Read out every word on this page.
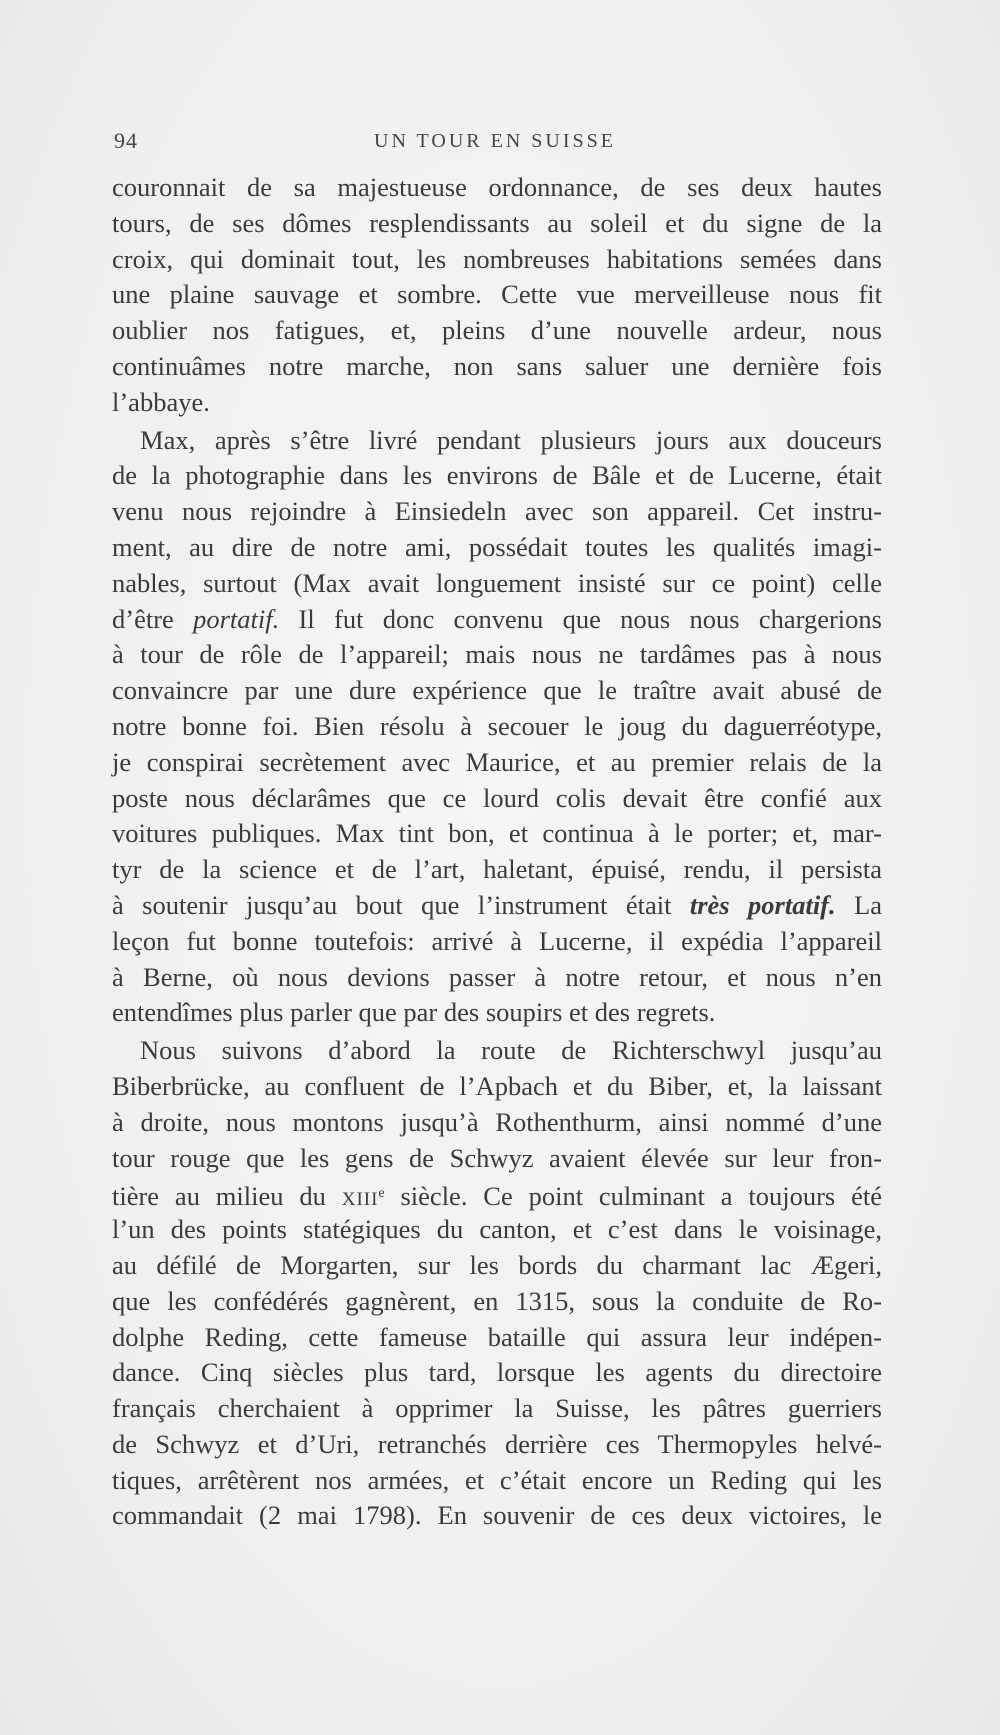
94	UN TOUR EN SUISSE
couronnait de sa majestueuse ordonnance, de ses deux hautes
tours, de ses dômes resplendissants au soleil et du signe de la
croix, qui dominait tout, les nombreuses habitations semées dans
une plaine sauvage et sombre. Cette vue merveilleuse nous fit
oublier nos fatigues, et, pleins d’une nouvelle ardeur, nous
continuâmes notre marche, non sans saluer une dernière fois
l’abbaye.
Max, après s’être livré pendant plusieurs jours aux douceurs
de la photographie dans les environs de Bâle et de Lucerne, était
venu nous rejoindre à Einsiedeln avec son appareil. Cet instru-
ment, au dire de notre ami, possédait toutes les qualités imagi-
nables, surtout (Max avait longuement insisté sur ce point) celle
d’être portatif. Il fut donc convenu que nous nous chargerions
à tour de rôle de l’appareil; mais nous ne tardâmes pas à nous
convaincre par une dure expérience que le traître avait abusé de
notre bonne foi. Bien résolu à secouer le joug du daguerréotype,
je conspirai secrètement avec Maurice, et au premier relais de la
poste nous déclarâmes que ce lourd colis devait être confié aux
voitures publiques. Max tint bon, et continua à le porter; et, mar-
tyr de la science et de l’art, haletant, épuisé, rendu, il persista
à soutenir jusqu’au bout que l’instrument était très portatif. La
leçon fut bonne toutefois: arrivé à Lucerne, il expédia l’appareil
à Berne, où nous devions passer à notre retour, et nous n’en
entendîmes plus parler que par des soupirs et des regrets.
Nous suivons d’abord la route de Richterschwyl jusqu’au
Biberbrücke, au confluent de l’Apbach et du Biber, et, la laissant
à droite, nous montons jusqu’à Rothenthurm, ainsi nommé d’une
tour rouge que les gens de Schwyz avaient élevée sur leur fron-
tière au milieu du XIIIe siècle. Ce point culminant a toujours été
l’un des points statégiques du canton, et c’est dans le voisinage,
au défilé de Morgarten, sur les bords du charmant lac Ægeri,
que les confédérés gagnèrent, en 1315, sous la conduite de Ro-
dolphe Reding, cette fameuse bataille qui assura leur indépen-
dance. Cinq siècles plus tard, lorsque les agents du directoire
français cherchaient à opprimer la Suisse, les pâtres guerriers
de Schwyz et d’Uri, retranchés derrière ces Thermopyles helvé-
tiques, arrêtèrent nos armées, et c’était encore un Reding qui les
commandait (2 mai 1798). En souvenir de ces deux victoires, le
